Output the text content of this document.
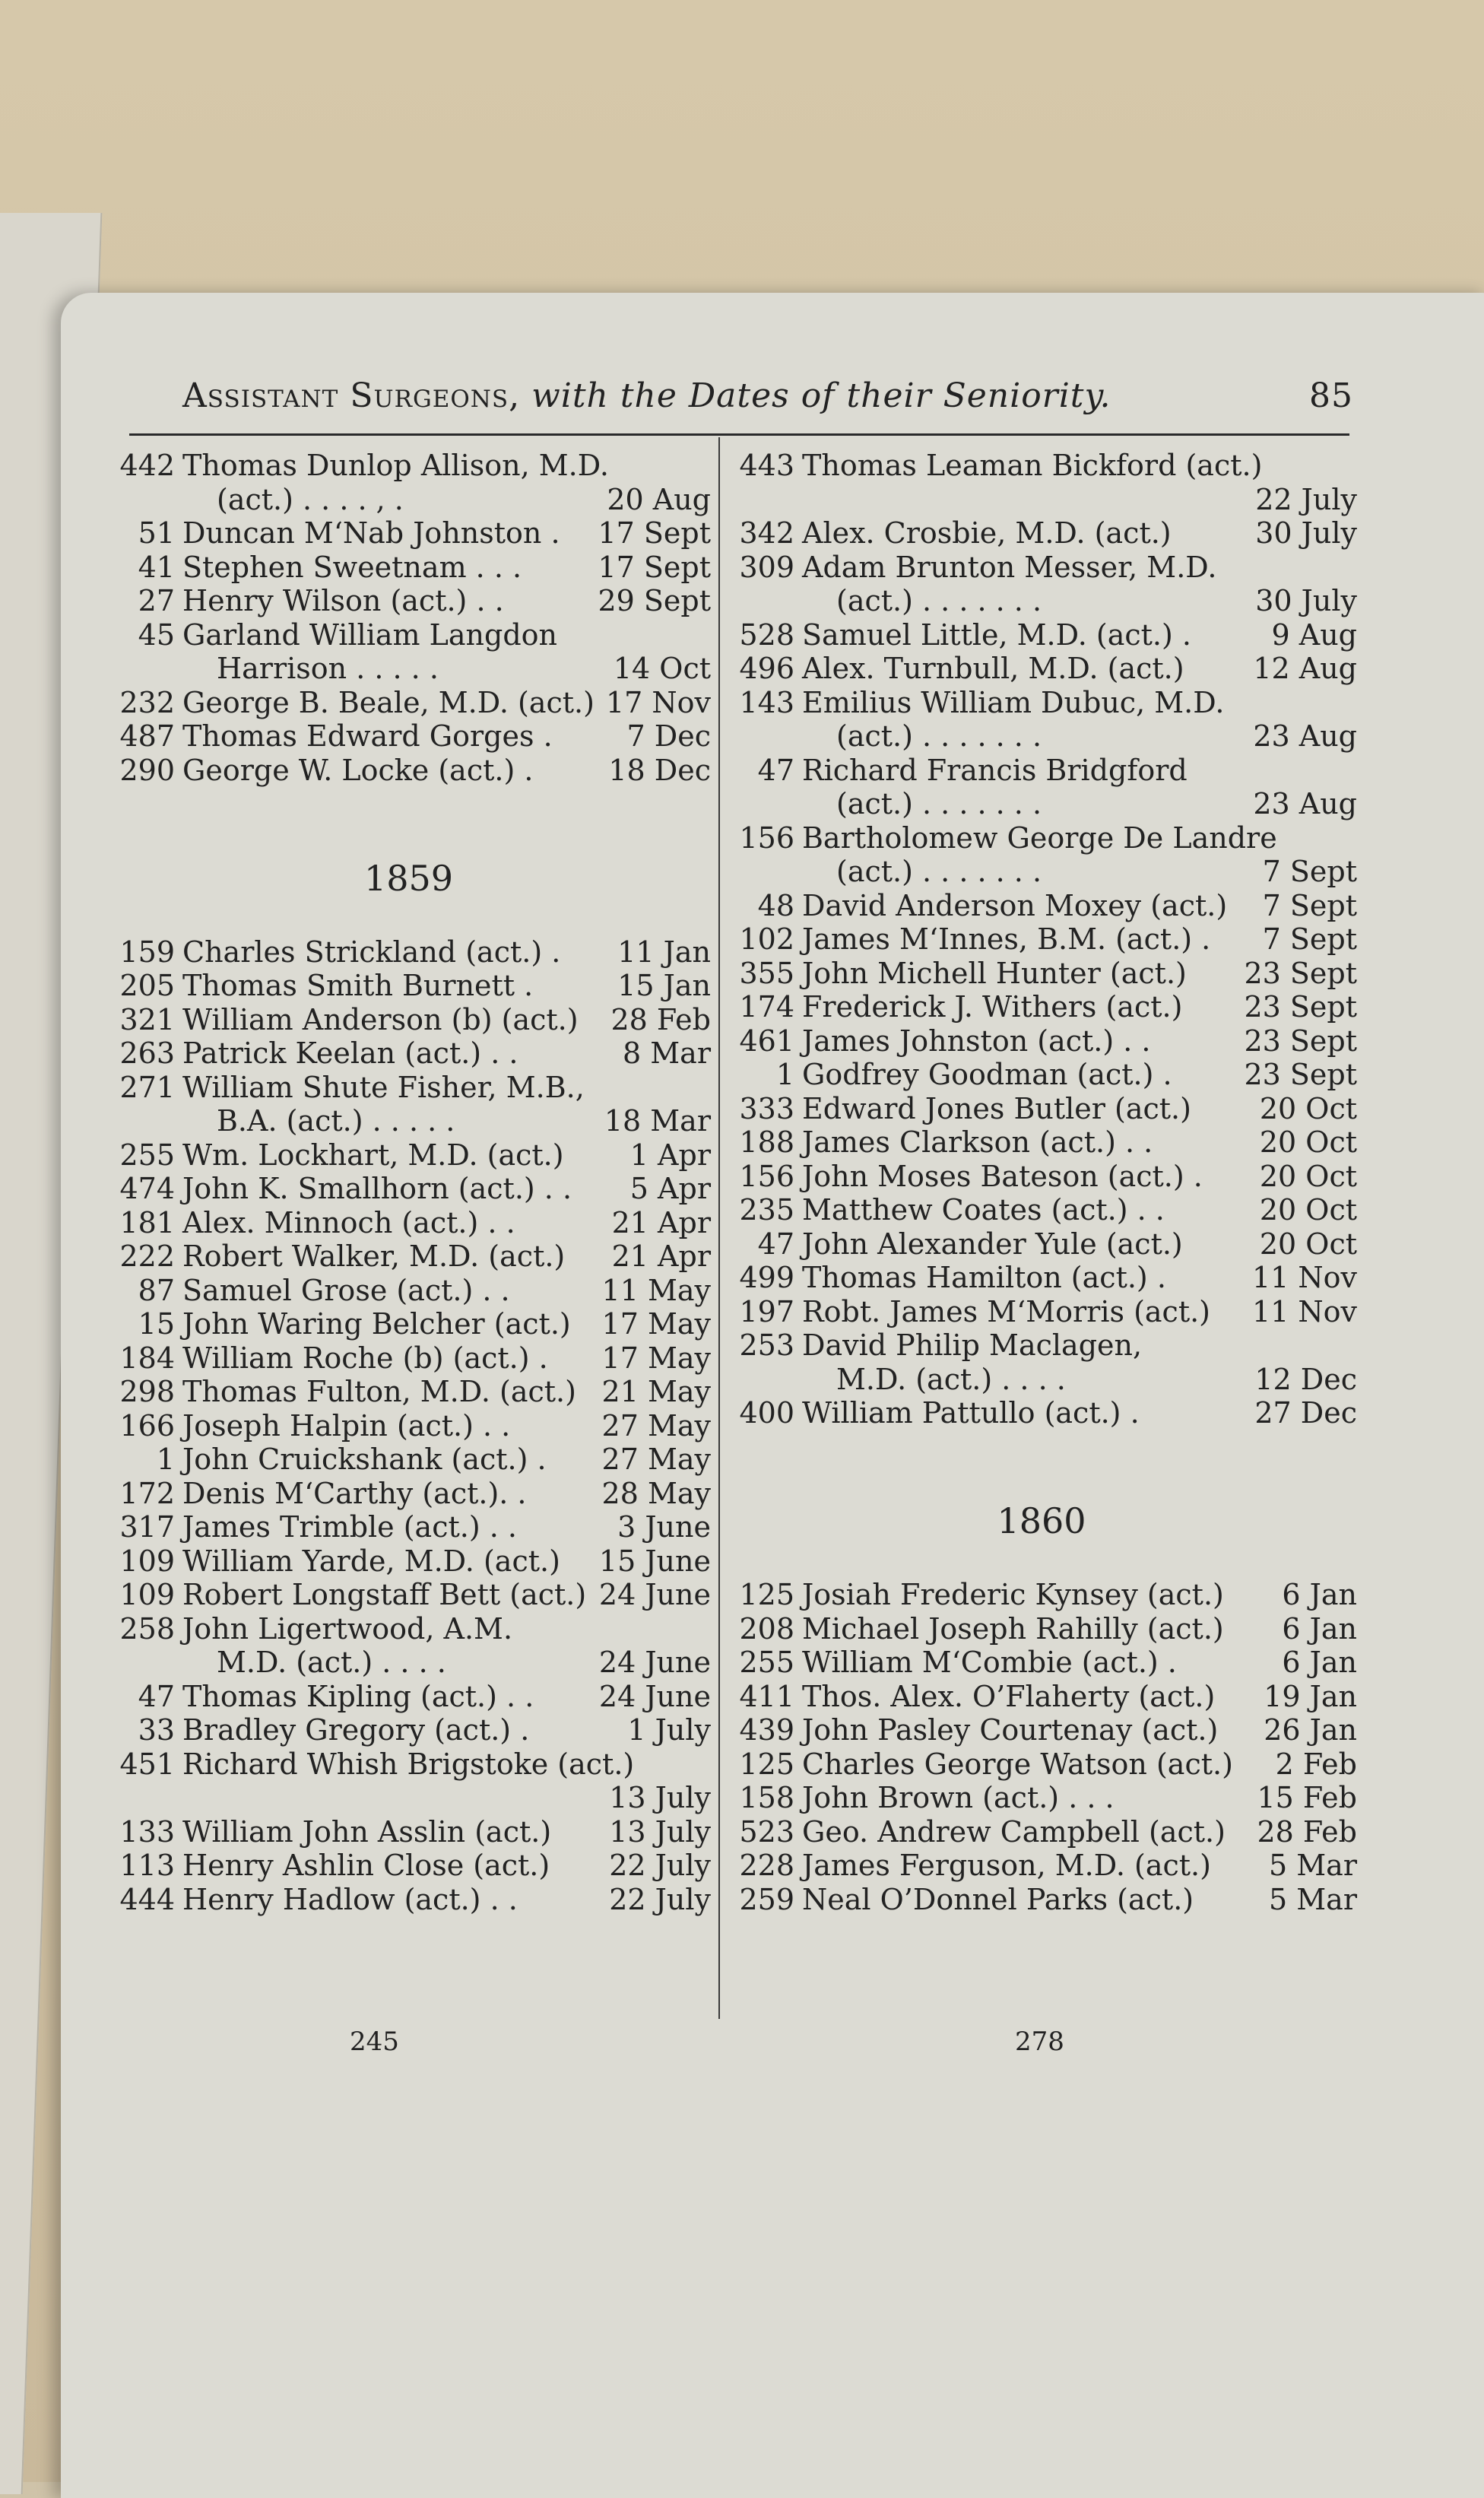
Assistant Surgeons, with the Dates of their Seniority.	85
442 Thomas Dunlop Allison, M.D.
(act.) . . . . , .	20 Aug
51 Duncan M‘Nab Johnston . 17 Sept
41 Stephen Sweetnam . . .	17 Sept
27 Henry Wilson (act.) . .	29 Sept
45 Garland William Langdon
Harrison . . . . .	14 Oct
232 George B. Beale, M.D. (act.) 17 Nov
487 Thomas Edward Gorges .	7 Dec
290 George W. Locke (act.) .	18 Dec
1859
159 Charles Strickland (act.) . 11 Jan
205 Thomas Smith Burnett .	15 Jan
321 William Anderson (b) (act.) 28 Feb
263 Patrick Keelan (act.) . .	8 Mar
271 William Shute Fisher, M.B.,
B.A. (act.) . . . . .	18 Mar
255 Wm. Lockhart, M.D. (act.) 1 Apr
474 John K. Smallhorn (act.) . . 5 Apr
181 Alex. Minnoch (act.) . .	21 Apr
222 Robert Walker, M.D. (act.) 21 Apr
87 Samuel Grose (act.) . .	11 May
15 John Waring Belcher (act.) 17 May
184 William Roche (b) (act.) . 17 May
298 Thomas Fulton, M.D. (act.) 21 May
166 Joseph Halpin (act.) . .	27 May
1 John Cruickshank (act.) . 27 May
172 Denis M‘Carthy (act.). .	28 May
317 James Trimble (act.) . .	3 June
109 William Yarde, M.D. (act.) 15 June
109 Robert Longstaff Bett (act.) 24 June
258 John Ligertwood, A.M.
M.D. (act.) . . . .	24 June
47 Thomas Kipling (act.) . . 24 June
33 Bradley Gregory (act.) .	1 July
451 Richard Whish Brigstoke (act.)
13 July
133 William John Asslin (act.) 13 July
113 Henry Ashlin Close (act.) 22 July
444 Henry Hadlow (act.) . .	22 July
443 Thomas Leaman Bickford (act.)
22 July
342 Alex. Crosbie, M.D. (act.)	30 July
309 Adam Brunton Messer, M.D.
(act.) . . . . . . .	30 July
528 Samuel Little, M.D. (act.) .	9 Aug
496 Alex. Turnbull, M.D. (act.) 12 Aug
143 Emilius William Dubuc, M.D.
(act.) . . . . . . .	23 Aug
47 Richard Francis Bridgford
(act.) . . . . . . .	23 Aug
156 Bartholomew George De Landre
(act.) . . . . . . .	7 Sept
48 David Anderson Moxey (act.) 7 Sept
102 James M‘Innes, B.M. (act.) . 7 Sept
355 John Michell Hunter (act.) 23 Sept
174 Frederick J. Withers (act.) 23 Sept
461 James Johnston (act.) . .	23 Sept
1 Godfrey Goodman (act.) . 23 Sept
333 Edward Jones Butler (act.) 20 Oct
188 James Clarkson (act.) . .	20 Oct
156 John Moses Bateson (act.) . 20 Oct
235 Matthew Coates (act.) . .	20 Oct
47 John Alexander Yule (act.)	20 Oct
499 Thomas Hamilton (act.) .	11 Nov
197 Robt. James M‘Morris (act.) 11 Nov
253 David Philip Maclagen,
M.D. (act.) . . . .	12 Dec
400 William Pattullo (act.) .	27 Dec
1860
125 Josiah Frederic Kynsey (act.) 6 Jan
208 Michael Joseph Rahilly (act.) 6 Jan
255 William M‘Combie (act.) .	6 Jan
411 Thos. Alex. O’Flaherty (act.) 19 Jan
439 John Pasley Courtenay (act.) 26 Jan
125 Charles George Watson (act.) 2 Feb
158 John Brown (act.) . . .	15 Feb
523 Geo. Andrew Campbell (act.) 28 Feb
228 James Ferguson, M.D. (act.) 5 Mar
259 Neal O’Donnel Parks (act.)	5 Mar
245	278
